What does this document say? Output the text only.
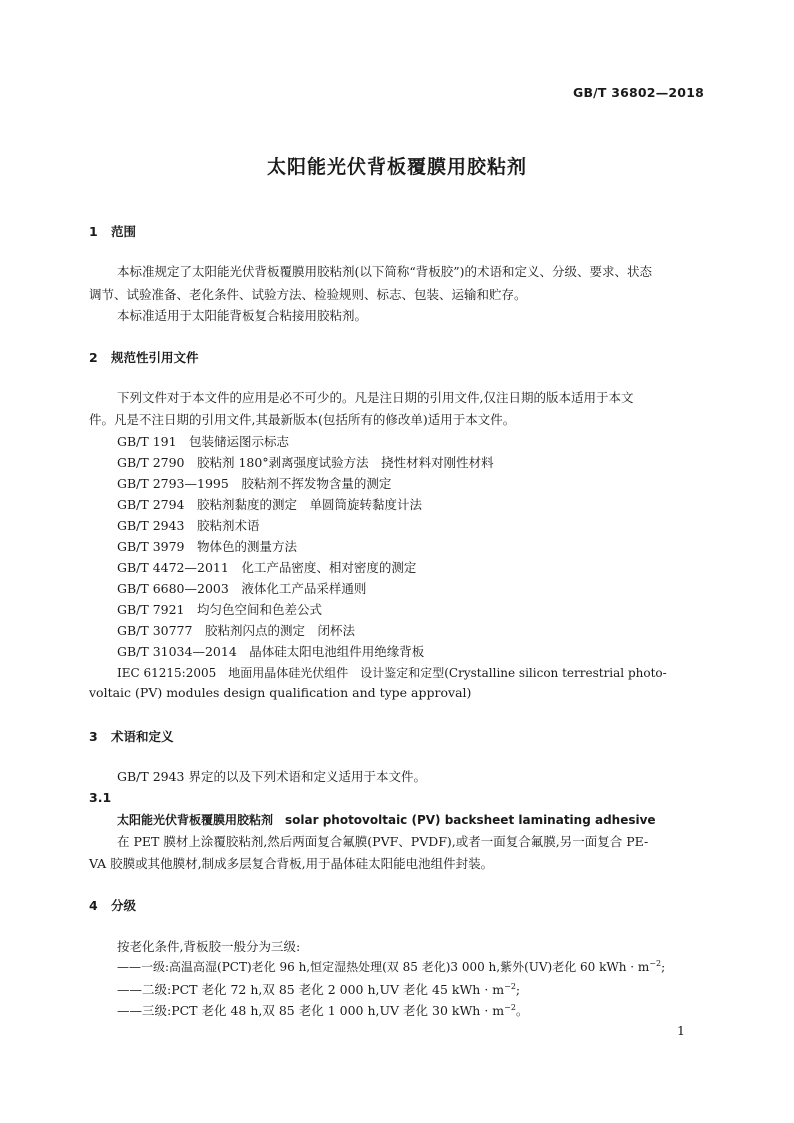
GB/T 36802—2018
太阳能光伏背板覆膜用胶粘剂
1 范围
本标准规定了太阳能光伏背板覆膜用胶粘剂(以下简称“背板胶”)的术语和定义、分级、要求、状态
调节、试验准备、老化条件、试验方法、检验规则、标志、包装、运输和贮存。
本标准适用于太阳能背板复合粘接用胶粘剂。
2 规范性引用文件
下列文件对于本文件的应用是必不可少的。凡是注日期的引用文件,仅注日期的版本适用于本文
件。凡是不注日期的引用文件,其最新版本(包括所有的修改单)适用于本文件。
GB/T 191　包装储运图示标志
GB/T 2790　胶粘剂 180°剥离强度试验方法　挠性材料对刚性材料
GB/T 2793—1995　胶粘剂不挥发物含量的测定
GB/T 2794　胶粘剂黏度的测定　单圆筒旋转黏度计法
GB/T 2943　胶粘剂术语
GB/T 3979　物体色的测量方法
GB/T 4472—2011　化工产品密度、相对密度的测定
GB/T 6680—2003　液体化工产品采样通则
GB/T 7921　均匀色空间和色差公式
GB/T 30777　胶粘剂闪点的测定　闭杯法
GB/T 31034—2014　晶体硅太阳电池组件用绝缘背板
IEC 61215:2005　地面用晶体硅光伏组件　设计鉴定和定型(Crystalline silicon terrestrial photo-
voltaic (PV) modules design qualification and type approval)
3 术语和定义
GB/T 2943 界定的以及下列术语和定义适用于本文件。
3.1
太阳能光伏背板覆膜用胶粘剂　solar photovoltaic (PV) backsheet laminating adhesive
在 PET 膜材上涂覆胶粘剂,然后两面复合氟膜(PVF、PVDF),或者一面复合氟膜,另一面复合 PE-
VA 胶膜或其他膜材,制成多层复合背板,用于晶体硅太阳能电池组件封装。
4 分级
按老化条件,背板胶一般分为三级:
——一级:高温高湿(PCT)老化 96 h,恒定湿热处理(双 85 老化)3 000 h,紫外(UV)老化 60 kWh · $m^{-2}$;
——二级:PCT 老化 72 h,双 85 老化 2 000 h,UV 老化 45 kWh · $m^{-2}$;
——三级:PCT 老化 48 h,双 85 老化 1 000 h,UV 老化 30 kWh · $m^{-2}$。
1
